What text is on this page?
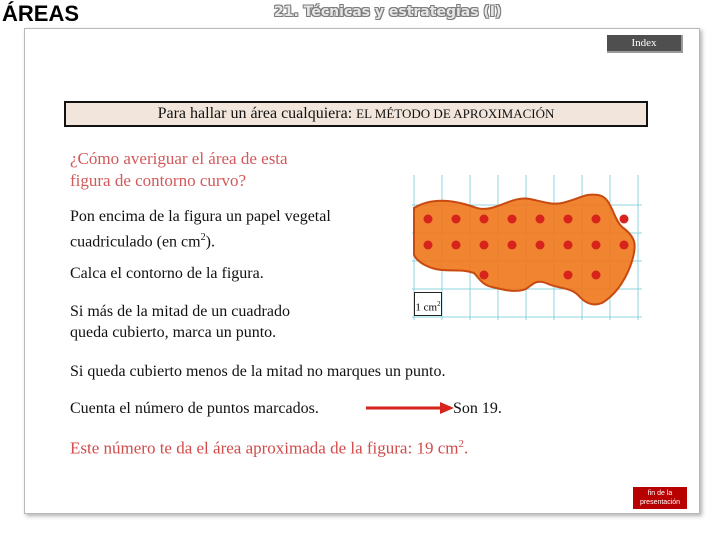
ÁREAS	21. Técnicas y estrategias (I)
Index
Para hallar un área cualquiera: EL MÉTODO DE APROXIMACIÓN

¿Cómo averiguar el área de esta
figura de contorno curvo?

Pon encima de la figura un papel vegetal
cuadriculado (en $cm^2$).

Calca el contorno de la figura.

Si más de la mitad de un cuadrado
queda cubierto, marca un punto.

Si queda cubierto menos de la mitad no marques un punto.

Cuenta el número de puntos marcados.	Son 19.

Este número te da el área aproximada de la figura: 19 $cm^2$.

1 $cm^2$
fin de la
presentación
